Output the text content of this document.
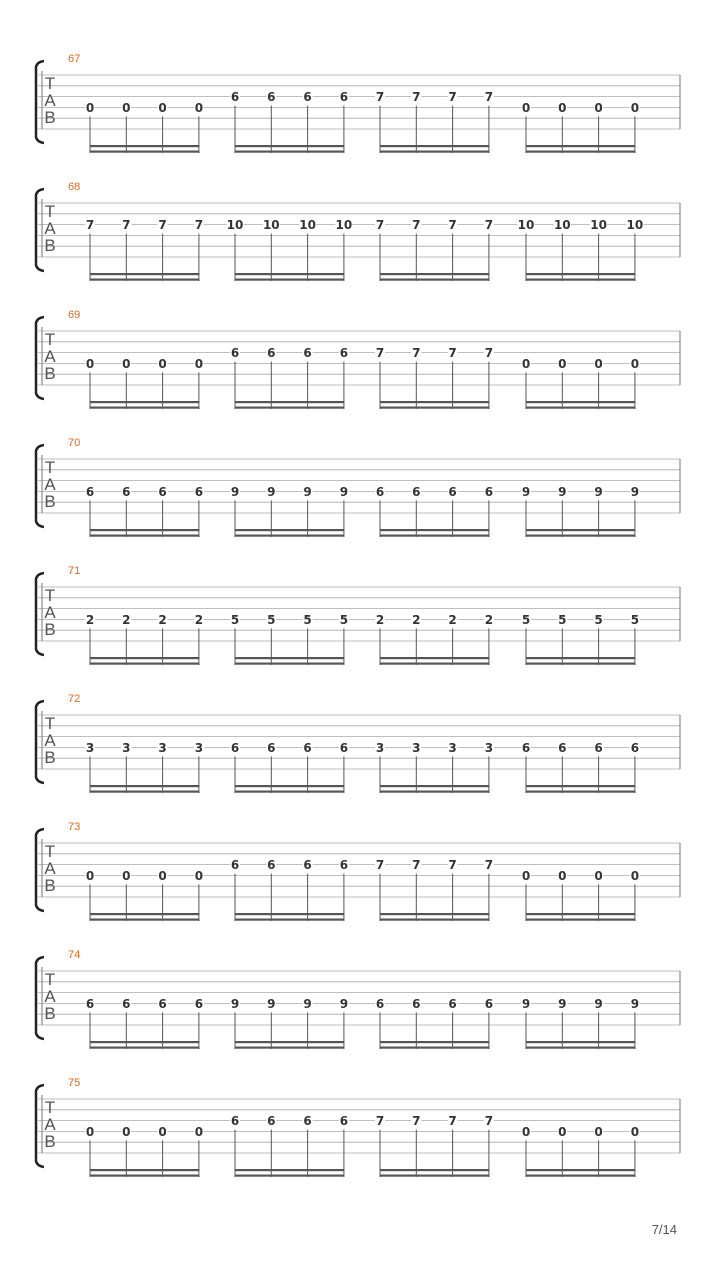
67
T
A
B
0 0 0 0
6 6 6 6 7 7 7 7
0 0 0 0
68
T
A
B
7 7 7 7 10 10 10 10 7 7 7 7 10 10 10 10
69
T
A
B
0 0 0 0
6 6 6 6 7 7 7 7
0 0 0 0
70
T
A
B
6 6 6 6 9 9 9 9 6 6 6 6 9 9 9 9
71
T
A
B
2 2 2 2 5 5 5 5 2 2 2 2 5 5 5 5
72
T
A
B
3 3 3 3 6 6 6 6 3 3 3 3 6 6 6 6
73
T
A
B
0 0 0 0
6 6 6 6 7 7 7 7
0 0 0 0
74
T
A
B
6 6 6 6 9 9 9 9 6 6 6 6 9 9 9 9
75
T
A
B
0 0 0 0
6 6 6 6 7 7 7 7
0 0 0 0
7/14
